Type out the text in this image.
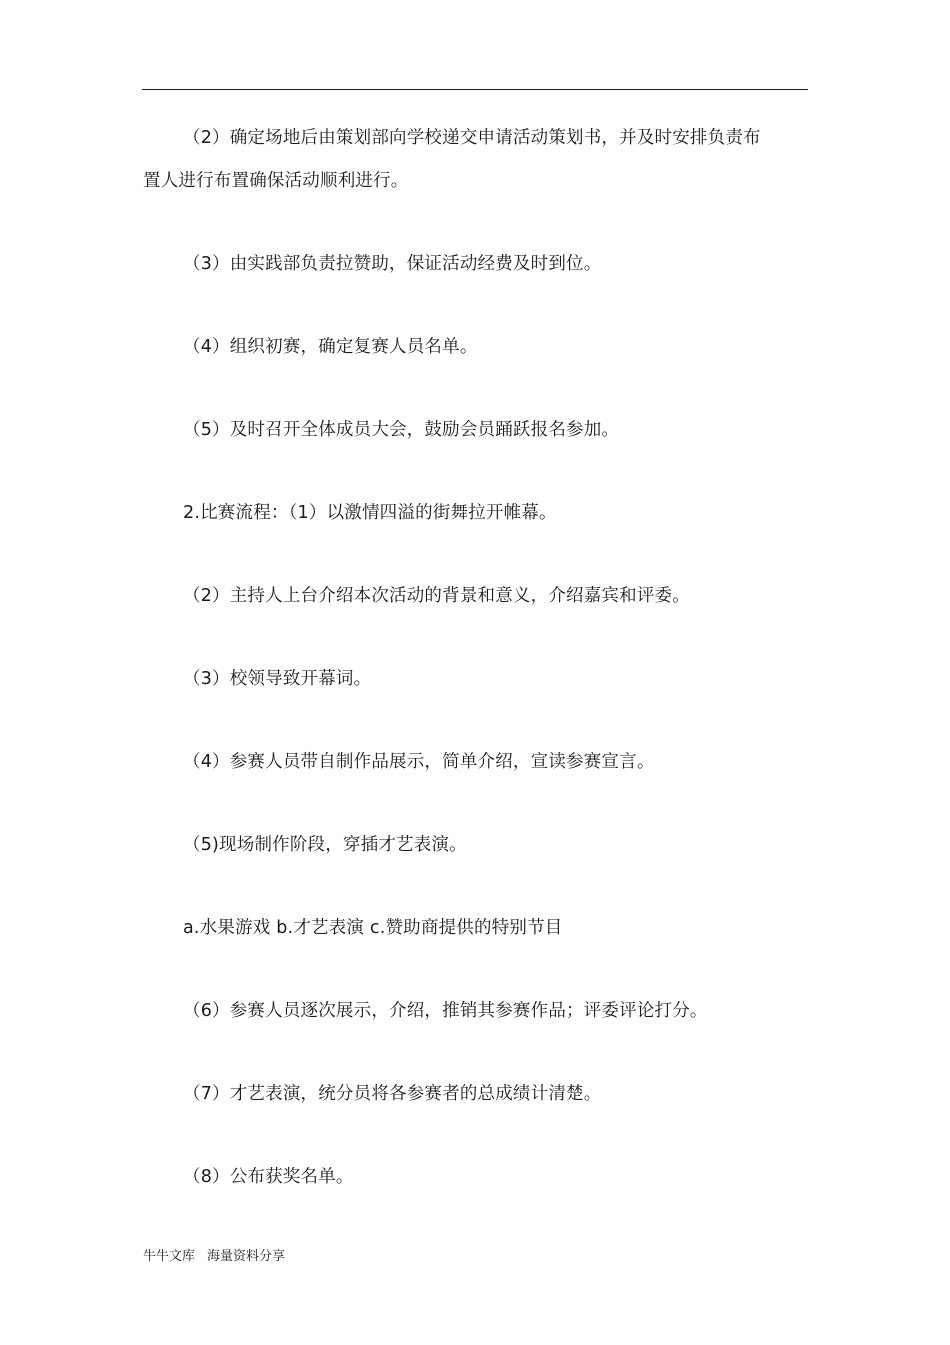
（2）确定场地后由策划部向学校递交申请活动策划书，并及时安排负责布
置人进行布置确保活动顺利进行。
（3）由实践部负责拉赞助，保证活动经费及时到位。
（4）组织初赛，确定复赛人员名单。
（5）及时召开全体成员大会，鼓励会员踊跃报名参加。
2.比赛流程：（1）以激情四溢的街舞拉开帷幕。
（2）主持人上台介绍本次活动的背景和意义，介绍嘉宾和评委。
（3）校领导致开幕词。
（4）参赛人员带自制作品展示，简单介绍，宣读参赛宣言。
（5)现场制作阶段，穿插才艺表演。
a.水果游戏 b.才艺表演 c.赞助商提供的特别节目
（6）参赛人员逐次展示，介绍，推销其参赛作品；评委评论打分。
（7）才艺表演，统分员将各参赛者的总成绩计清楚。
（8）公布获奖名单。
牛牛文库 海量资料分享
